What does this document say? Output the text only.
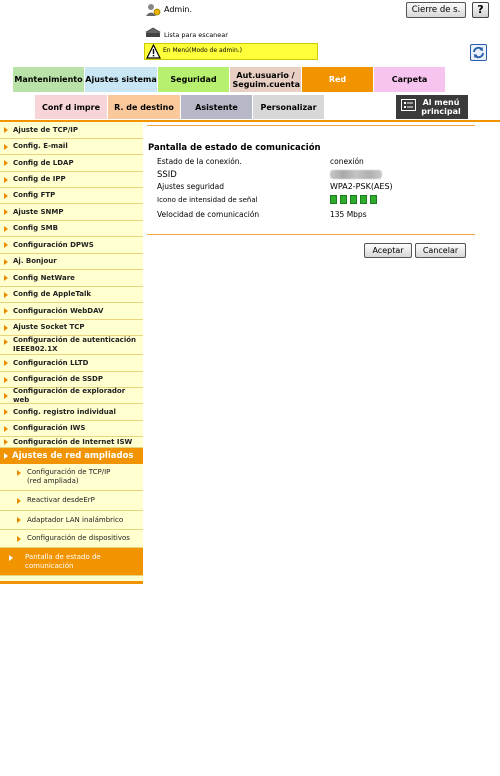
Admin.	Cierre de s.	?
Lista para escanear
En Menú(Modo de admin.)
Mantenimiento Ajustes sistema Seguridad	Aut.usuario / Seguim.cuenta	Red	Carpeta
Conf d impre R. de destino	Asistente	Personalizar	Al menú principal
Ajuste de TCP/IP
Config. E-mail
Config de LDAP
Config de IPP
Config FTP
Ajuste SNMP
Config SMB
Configuración DPWS
Aj. Bonjour
Config NetWare
Config de AppleTalk
Configuración WebDAV
Ajuste Socket TCP
Configuración de autenticación IEEE802.1X
Configuración LLTD
Configuración de SSDP
Configuración de explorador web
Config. registro individual
Configuración IWS
Configuración de Internet ISW
Ajustes de red ampliados
Configuración de TCP/IP (red ampliada)
Reactivar desdeErP
Adaptador LAN inalámbrico
Configuración de dispositivos
Pantalla de estado de comunicación
Pantalla de estado de comunicación
Estado de la conexión.	conexión
SSID
Ajustes seguridad	WPA2-PSK(AES)
Icono de intensidad de señal
Velocidad de comunicación	135 Mbps
Aceptar	Cancelar
